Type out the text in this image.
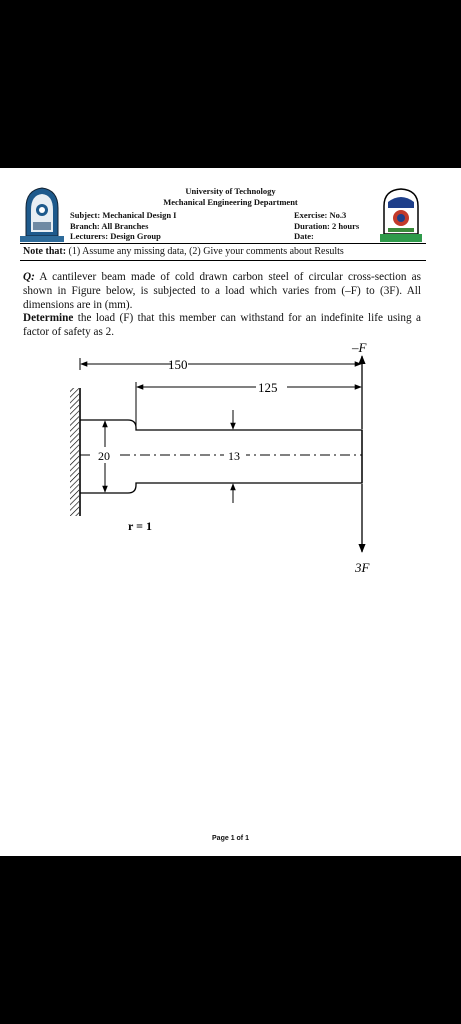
University of Technology
Mechanical Engineering Department
Subject: Mechanical Design I
Branch: All Branches
Lecturers: Design Group
Exercise: No.3
Duration: 2 hours
Date:
Note that: (1) Assume any missing data, (2) Give your comments about Results
Q: A cantilever beam made of cold drawn carbon steel of circular cross-section as shown in Figure below, is subjected to a load which varies from (–F) to (3F). All dimensions are in (mm).
Determine the load (F) that this member can withstand for an indefinite life using a factor of safety as 2.
150
125
20	13
r = 1
–F
3F
Page 1 of 1
